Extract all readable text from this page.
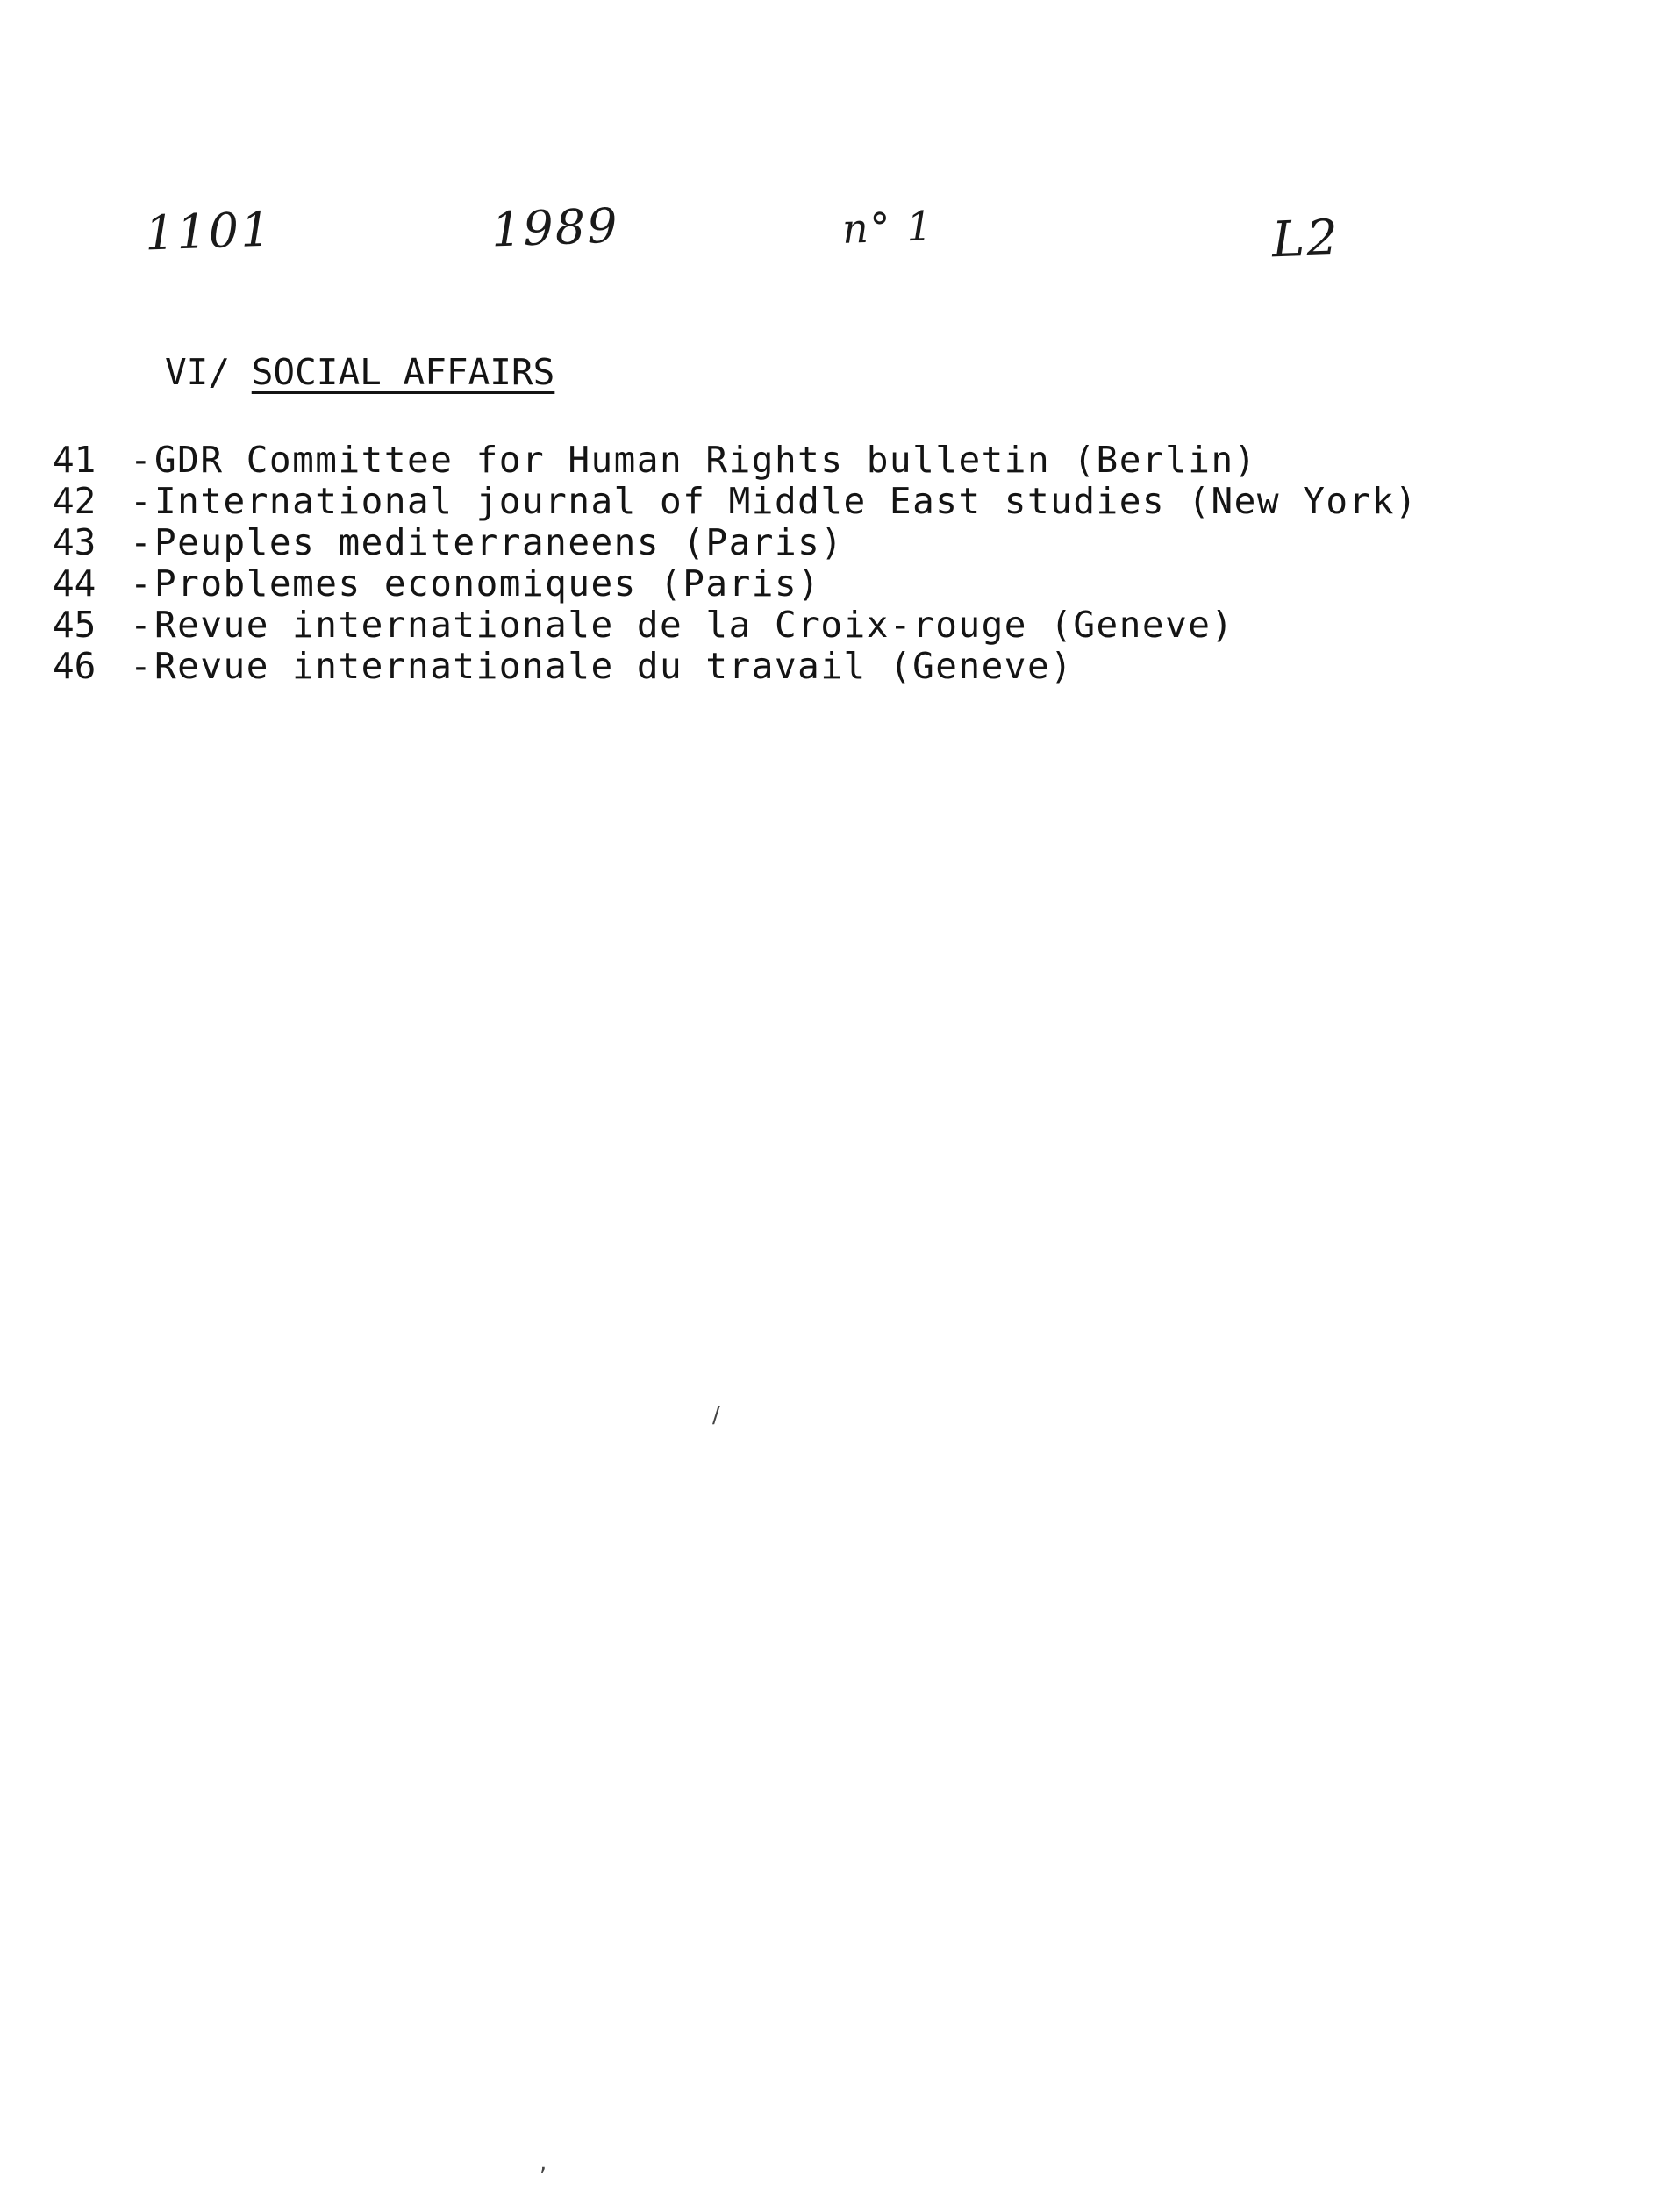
1101	1989	n° 1	L2
VI/ SOCIAL AFFAIRS
41 - GDR Committee for Human Rights bulletin (Berlin)
42 - International journal of Middle East studies (New York)
43 - Peuples mediterraneens (Paris)
44 - Problemes economiques (Paris)
45 - Revue internationale de la Croix-rouge (Geneve)
46 - Revue internationale du travail (Geneve)
/
,
